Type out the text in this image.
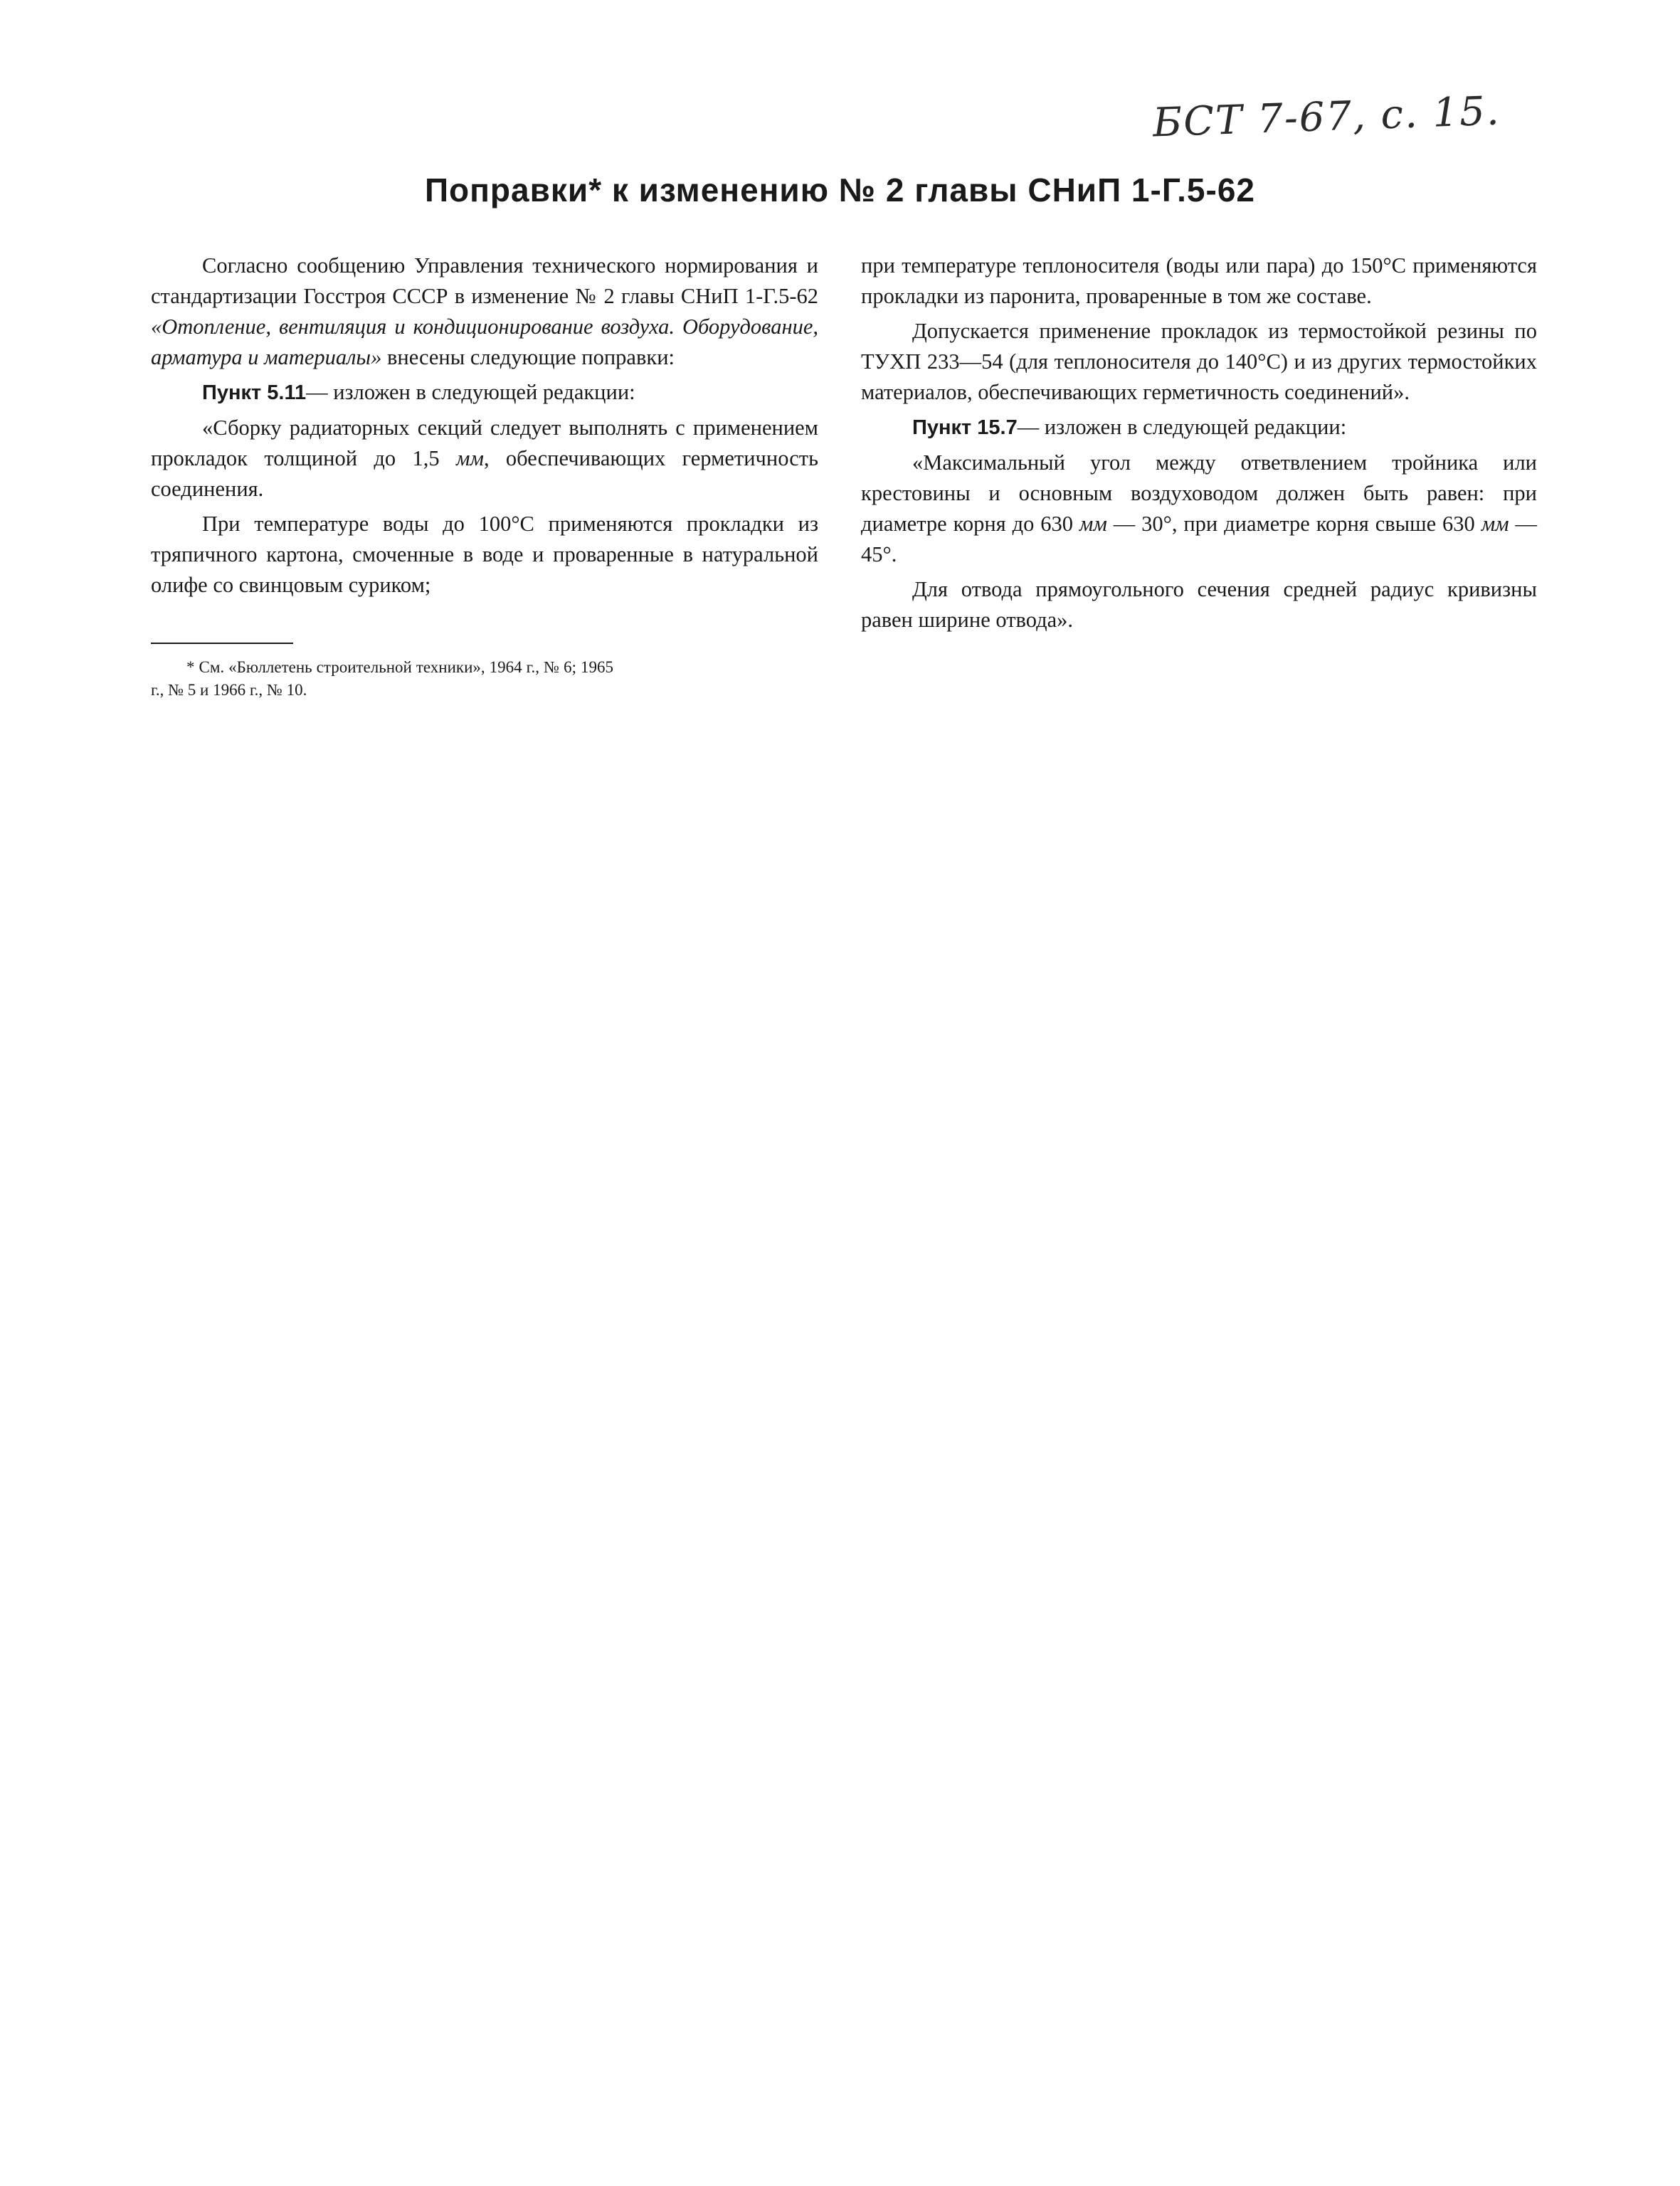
БСТ 7-67, с. 15.
Поправки* к изменению № 2 главы СНиП 1-Г.5-62

Согласно сообщению Управления технического нормирования и стандартизации Госстроя СССР в изменение № 2 главы СНиП 1-Г.5-62 «Отопление, вентиляция и кондиционирование воздуха. Оборудование, арматура и материалы» внесены следующие поправки:

Пункт 5.11— изложен в следующей редакции:

«Сборку радиаторных секций следует выполнять с применением прокладок толщиной до 1,5 мм, обеспечивающих герметичность соединения.

При температуре воды до 100°С применяются прокладки из тряпичного картона, смоченные в воде и проваренные в натуральной олифе со свинцовым суриком;

* См. «Бюллетень строительной техники», 1964 г., № 6; 1965 г., № 5 и 1966 г., № 10.

при температуре теплоносителя (воды или пара) до 150°С применяются прокладки из паронита, проваренные в том же составе.

Допускается применение прокладок из термостойкой резины по ТУХП 233—54 (для теплоносителя до 140°С) и из других термостойких материалов, обеспечивающих герметичность соединений».

Пункт 15.7— изложен в следующей редакции:

«Максимальный угол между ответвлением тройника или крестовины и основным воздуховодом должен быть равен: при диаметре корня до 630 мм — 30°, при диаметре корня свыше 630 мм — 45°.

Для отвода прямоугольного сечения средней радиус кривизны равен ширине отвода».
